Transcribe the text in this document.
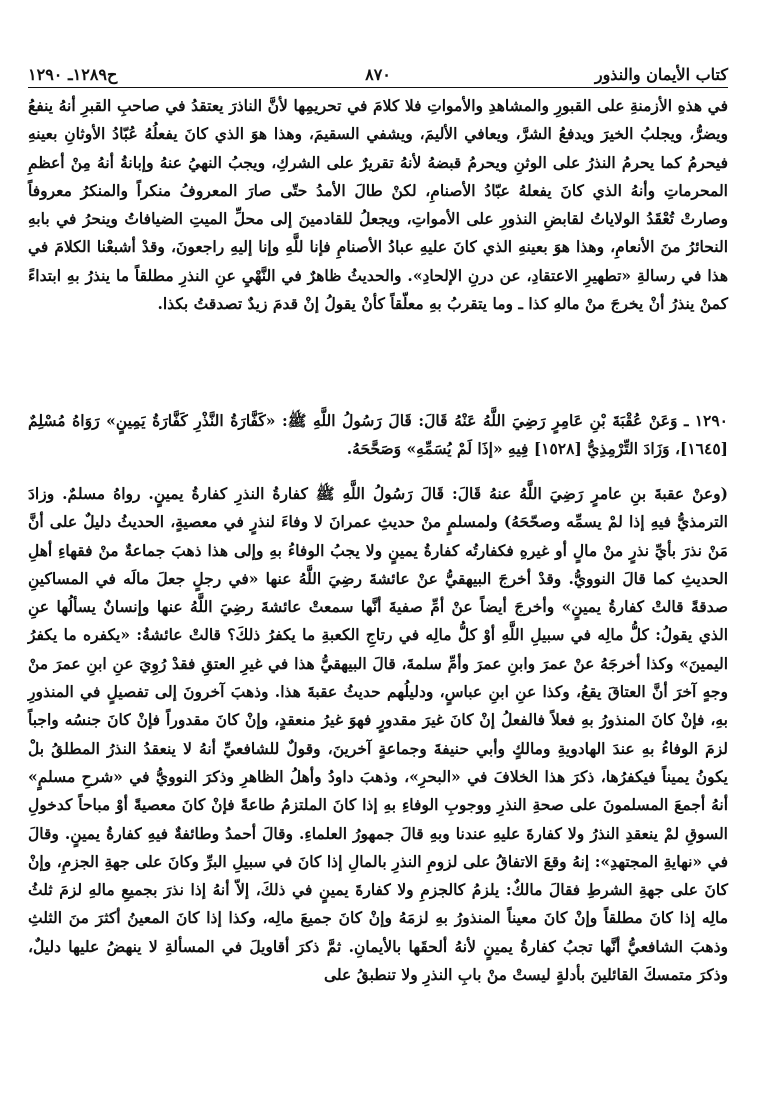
كتاب الأيمان والنذور
٨٧٠
ح١٢٨٩ـ ١٢٩٠

في هذهِ الأزمنةِ على القبورِ والمشاهدِ والأمواتِ فلا كلامَ في تحريمِها لأنَّ الناذرَ يعتقدُ في صاحبِ القبرِ أنهُ ينفعُ ويضرُّ، ويجلبُ الخيرَ ويدفعُ الشرَّ، ويعافي الأليمَ، ويشفي السقيمَ، وهذا هوَ الذي كانَ يفعلُهُ عُبّادُ الأوثانِ بعينهِ فيحرمُ كما يحرمُ النذرُ على الوثنِ ويحرمُ قبضهُ لأنهُ تقريرٌ على الشركِ، ويجبُ النهيُ عنهُ وإبانةُ أنهُ مِنْ أعظمِ المحرماتِ وأنهُ الذي كانَ يفعلهُ عبّادُ الأصنامِ، لكنْ طالَ الأمدُ حتّى صارَ المعروفُ منكراً والمنكرُ معروفاً وصارتْ تُعْقَدُ الولاياتُ لقابضِ النذورِ على الأمواتِ، ويجعلُ للقادمينَ إلى محلِّ الميتِ الضيافاتُ وينحرُ في بابهِ النحائرُ منَ الأنعامِ، وهذا هوَ بعينهِ الذي كانَ عليهِ عبادُ الأصنامِ فإنا للَّهِ وإنا إليهِ راجعونَ، وقدْ أشبعْنا الكلامَ في هذا في رسالةِ «تطهيرِ الاعتقادِ، عن درنِ الإلحادِ». والحديثُ ظاهرٌ في النَّهْيِ عنِ النذرِ مطلقاً ما ينذرُ بهِ ابتداءً كمنْ ينذرُ أنْ يخرجَ منْ مالهِ كذا ـ وما يتقربُ بهِ معلّقاً كأنْ يقولُ إنْ قدمَ زيدٌ تصدقتُ بكذا.

١٢٩٠ ـ وَعَنْ عُقْبَةَ بْنِ عَامِرٍ رَضِيَ اللَّهُ عَنْهُ قَالَ: قَالَ رَسُولُ اللَّهِ ﷺ: «كَفَّارَةُ النَّذْرِ كَفَّارَةُ يَمِينٍ» رَوَاهُ مُسْلِمٌ [١٦٤٥]، وَزَادَ التِّرْمِذِيُّ [١٥٢٨] فِيهِ «إذَا لَمْ يُسَمِّهِ» وَصَحَّحَهُ.

(وعنْ عقبةَ بنِ عامرٍ رَضِيَ اللَّهُ عنهُ قَالَ: قَالَ رَسُولُ اللَّهِ ﷺ كفارةُ النذرِ كفارةُ يمينٍ. رواهُ مسلمٌ. وزادَ الترمذيُّ فيهِ إذا لمْ يسمِّه وصحّحَهُ) ولمسلمٍ منْ حديثِ عمرانَ لا وفاءَ لنذرٍ في معصيةٍ، الحديثُ دليلٌ على أنَّ مَنْ نذرَ بأيِّ نذرٍ منْ مالٍ أو غيرهِ فكفارتُه كفارةُ يمينٍ ولا يجبُ الوفاءُ بهِ وإلى هذا ذهبَ جماعةٌ منْ فقهاءِ أهلِ الحديثِ كما قالَ النوويُّ. وقدْ أخرجَ البيهقيُّ عنْ عائشةَ رضِيَ اللَّهُ عنها «في رجلٍ جعلَ مالَه في المساكينِ صدقةً قالتْ كفارةُ يمينٍ» وأخرجَ أيضاً عنْ أمِّ صفيةَ أنَّها سمعتْ عائشةَ رضِيَ اللَّهُ عنها وإنسانٌ يسألُها عنِ الذي يقولُ: كلُّ مالِه في سبيلِ اللَّهِ أوْ كلُّ مالِه في رتاجِ الكعبةِ ما يكفرُ ذلكَ؟ قالتْ عائشةُ: «يكفره ما يكفرُ اليمينَ» وكذا أخرجَهُ عنْ عمرَ وابنِ عمرَ وأمِّ سلمةَ، قالَ البيهقيُّ هذا في غيرِ العتقِ فقدْ رُوِيَ عنِ ابنِ عمرَ منْ وجهٍ آخرَ أنَّ العتاقَ يقعُ، وكذا عنِ ابنِ عباسٍ، ودليلُهم حديثُ عقبةَ هذا. وذهبَ آخرونَ إلى تفصيلٍ في المنذورِ بهِ، فإنْ كانَ المنذورُ بهِ فعلاً فالفعلُ إنْ كانَ غيرَ مقدورٍ فهوَ غيرُ منعقدٍ، وإنْ كانَ مقدوراً فإنْ كانَ جنسُه واجباً لزمَ الوفاءُ بهِ عندَ الهادويةِ ومالكٍ وأبي حنيفةَ وجماعةٍ آخرينَ، وقولٌ للشافعيِّ أنهُ لا ينعقدُ النذرُ المطلقُ بلْ يكونُ يميناً فيكفرُها، ذكرَ هذا الخلافَ في «البحرِ»، وذهبَ داودُ وأهلُ الظاهرِ وذكرَ النوويُّ في «شرحِ مسلمٍ» أنهُ أجمعَ المسلمونَ على صحةِ النذرِ ووجوبِ الوفاءِ بهِ إذا كانَ الملتزمُ طاعةً فإنْ كانَ معصيةً أوْ مباحاً كدخولِ السوقِ لمْ ينعقدِ النذرُ ولا كفارةَ عليهِ عندنا وبهِ قالَ جمهورُ العلماءِ. وقالَ أحمدُ وطائفةٌ فيهِ كفارةُ يمينٍ. وقالَ في «نهايةِ المجتهدِ»: إنهُ وقعَ الاتفاقُ على لزومِ النذرِ بالمالِ إذا كانَ في سبيلِ البرِّ وكانَ على جهةِ الجزمِ، وإنْ كانَ على جهةِ الشرطِ فقالَ مالكٌ: يلزمُ كالجزمِ ولا كفارةَ يمينٍ في ذلكَ، إلاّ أنهُ إذا نذرَ بجميعِ مالهِ لزمَ ثلثُ مالِه إذا كانَ مطلقاً وإنْ كانَ معيناً المنذورُ بهِ لزمَهُ وإنْ كانَ جميعَ مالِه، وكذا إذا كانَ المعينُ أكثرَ منَ الثلثِ وذهبَ الشافعيُّ أنَّها تجبُ كفارةُ يمينٍ لأنهُ ألحقَها بالأيمانِ. ثمَّ ذكرَ أقاويلَ في المسألةِ لا ينهضُ عليها دليلٌ، وذكرَ متمسكَ القائلينَ بأدلةٍ ليستْ منْ بابِ النذرِ ولا تنطبقُ على
